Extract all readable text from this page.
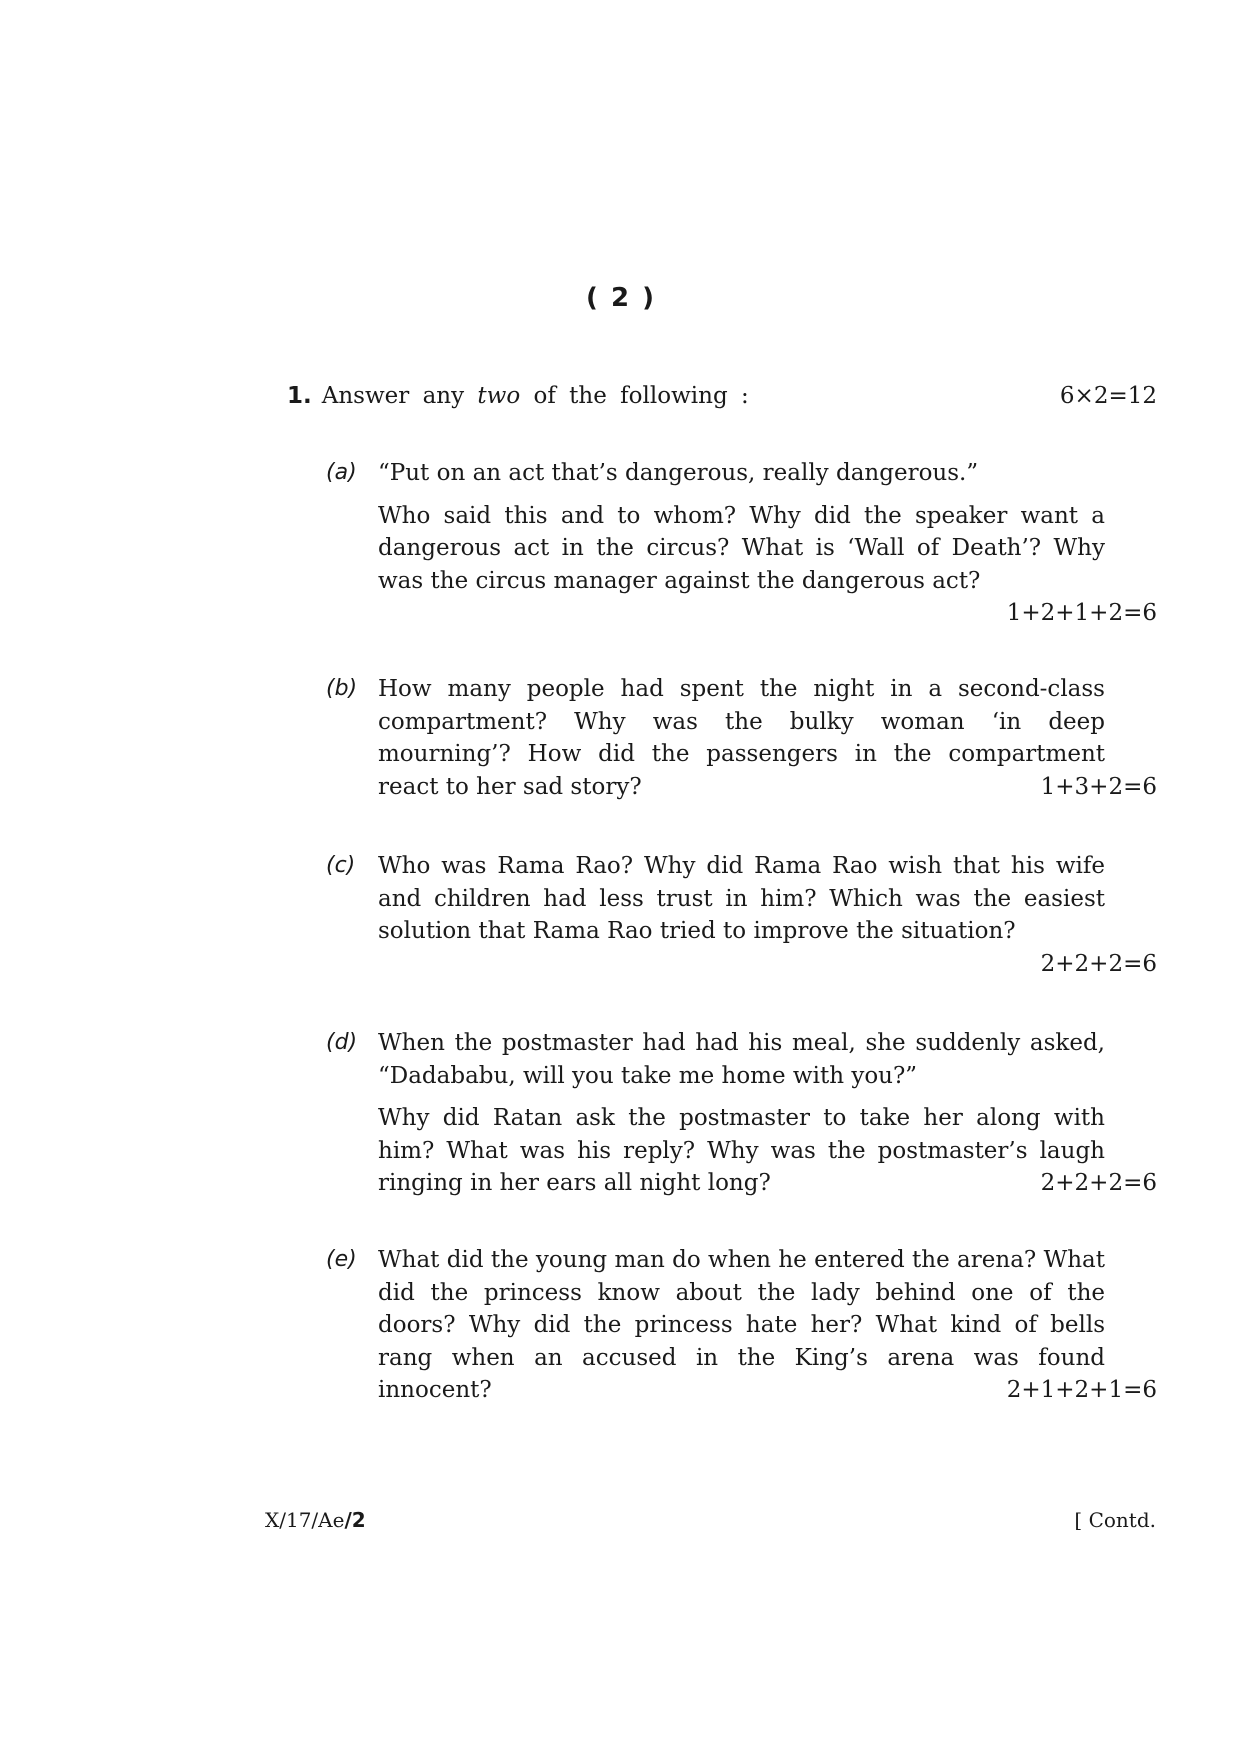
( 2 )
1. Answer any two of the following :	6×2=12
(a) “Put on an act that’s dangerous, really dangerous.”

Who said this and to whom? Why did the speaker want a dangerous act in the circus? What is ‘Wall of Death’? Why was the circus manager against the dangerous act?

1+2+1+2=6
(b) How many people had spent the night in a second-class compartment? Why was the bulky woman ‘in deep mourning’? How did the passengers in the compartment react to her sad story?	1+3+2=6
(c) Who was Rama Rao? Why did Rama Rao wish that his wife and children had less trust in him? Which was the easiest solution that Rama Rao tried to improve the situation?

2+2+2=6
(d) When the postmaster had had his meal, she suddenly asked, “Dadababu, will you take me home with you?”

Why did Ratan ask the postmaster to take her along with him? What was his reply? Why was the postmaster’s laugh ringing in her ears all night long?	2+2+2=6
(e) What did the young man do when he entered the arena? What did the princess know about the lady behind one of the doors? Why did the princess hate her? What kind of bells rang when an accused in the King’s arena was found innocent?	2+1+2+1=6
X/17/Ae/2	[ Contd.
